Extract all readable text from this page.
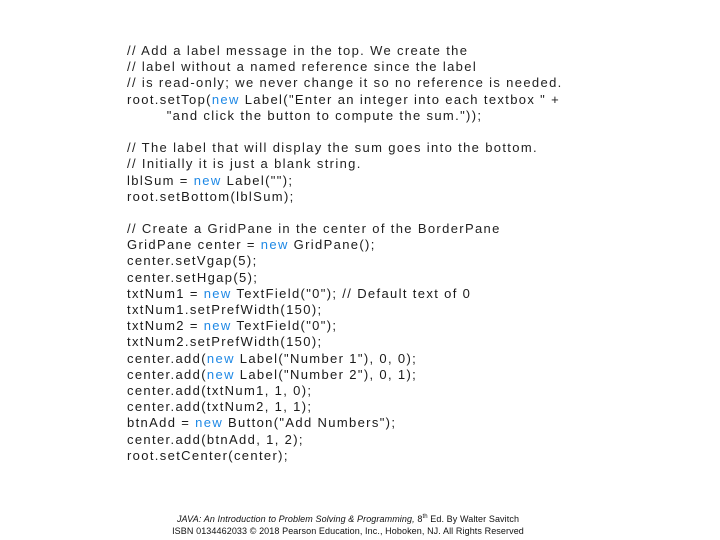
// Add a label message in the top. We create the
// label without a named reference since the label
// is read-only; we never change it so no reference is needed.
root.setTop(new Label("Enter an integer into each textbox " +
"and click the button to compute the sum."));
// The label that will display the sum goes into the bottom.
// Initially it is just a blank string.
lblSum = new Label("");
root.setBottom(lblSum);
// Create a GridPane in the center of the BorderPane
GridPane center = new GridPane();
center.setVgap(5);
center.setHgap(5);
txtNum1 = new TextField("0"); // Default text of 0
txtNum1.setPrefWidth(150);
txtNum2 = new TextField("0");
txtNum2.setPrefWidth(150);
center.add(new Label("Number 1"), 0, 0);
center.add(new Label("Number 2"), 0, 1);
center.add(txtNum1, 1, 0);
center.add(txtNum2, 1, 1);
btnAdd = new Button("Add Numbers");
center.add(btnAdd, 1, 2);
root.setCenter(center);
JAVA: An Introduction to Problem Solving & Programming, 8th Ed. By Walter Savitch
ISBN 0134462033 © 2018 Pearson Education, Inc., Hoboken, NJ. All Rights Reserved
